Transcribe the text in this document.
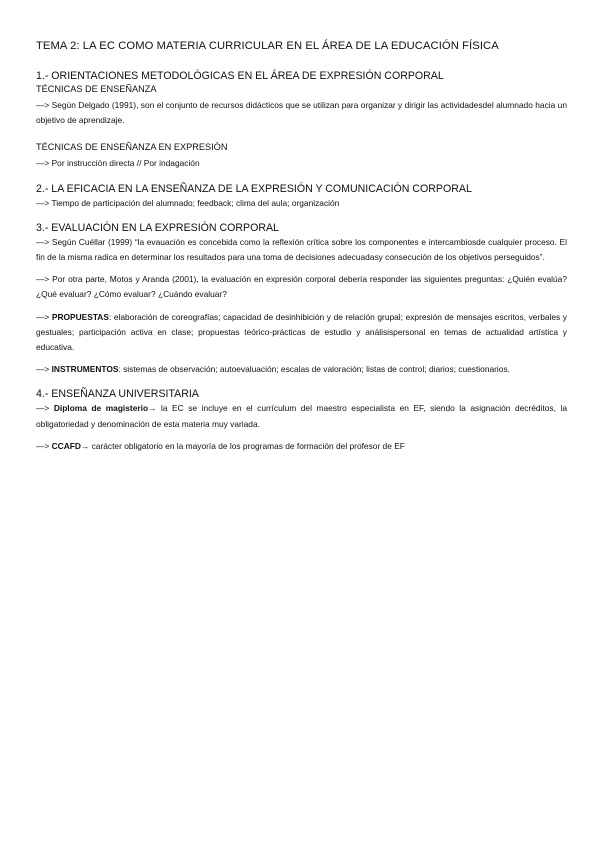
TEMA 2: LA EC COMO MATERIA CURRICULAR EN EL ÁREA DE LA EDUCACIÓN FÍSICA
1.- ORIENTACIONES METODOLÓGICAS EN EL ÁREA DE EXPRESIÓN CORPORAL
TÉCNICAS DE ENSEÑANZA

—> Según Delgado (1991), son el conjunto de recursos didácticos que se utilizan para organizar y dirigir las actividadesdel alumnado hacia un objetivo de aprendizaje.

TÉCNICAS DE ENSEÑANZA EN EXPRESIÓN

—> Por instrucción directa // Por indagación

2.- LA EFICACIA EN LA ENSEÑANZA DE LA EXPRESIÓN Y COMUNICACIÓN CORPORAL

—> Tiempo de participación del alumnado; feedback; clima del aula; organización

3.- EVALUACIÓN EN LA EXPRESIÓN CORPORAL

—> Según Cuéllar (1999) “la evauación es concebida como la reflexión crítica sobre los componentes e intercambiosde cualquier proceso. El fin de la misma radica en determinar los resultados para una toma de decisiones adecuadasy consecución de los objetivos perseguidos”.

—> Por otra parte, Motos y Aranda (2001), la evaluación en expresión corporal debería responder las siguientes preguntas: ¿Quién evalúa? ¿Qué evaluar? ¿Cómo evaluar? ¿Cuándo evaluar?

—> PROPUESTAS: elaboración de coreografías; capacidad de desinhibición y de relación grupal; expresión de mensajes escritos, verbales y gestuales; participación activa en clase; propuestas teórico-prácticas de estudio y análisispersonal en temas de actualidad artística y educativa.

—> INSTRUMENTOS: sistemas de observación; autoevaluación; escalas de valoración; listas de control; diarios; cuestionarios.

4.- ENSEÑANZA UNIVERSITARIA

—> Diploma de magisterio→ la EC se incluye en el currículum del maestro especialista en EF, siendo la asignación decréditos, la obligatoriedad y denominación de esta materia muy variada.

—> CCAFD→ carácter obligatorio en la mayoría de los programas de formación del profesor de EF
